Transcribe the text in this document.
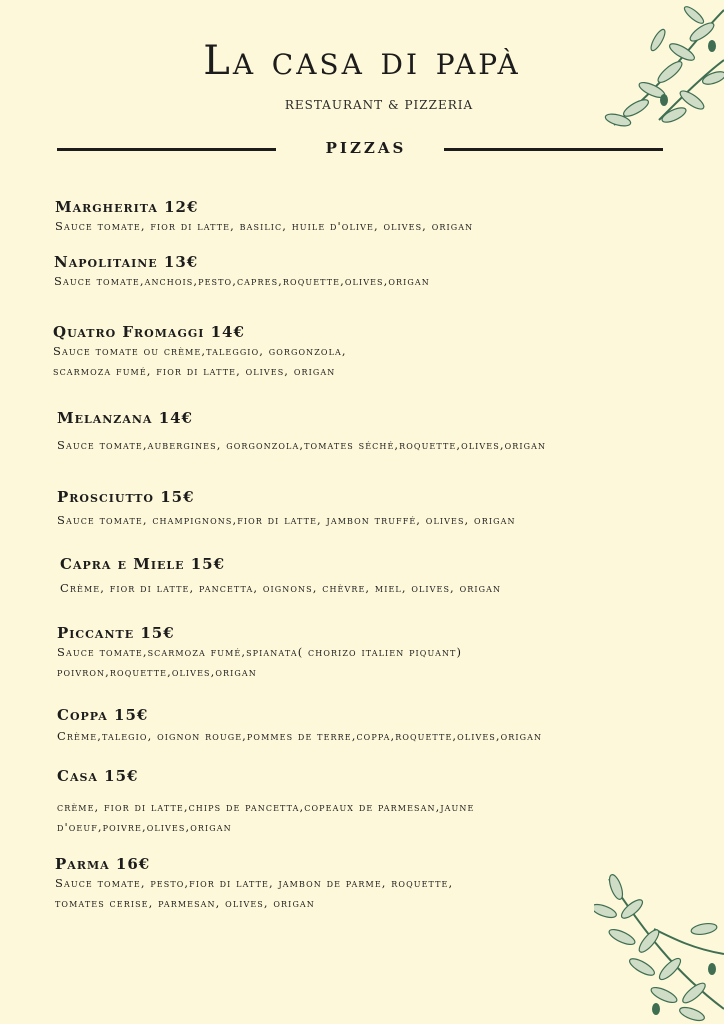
La casa di papà
RESTAURANT & PIZZERIA
PIZZAS
Margherita 12€
Sauce tomate, fior di latte, basilic, huile d'olive, olives, origan
Napolitaine 13€
Sauce tomate,anchois,pesto,capres,roquette,olives,origan
Quatro Fromaggi 14€
Sauce tomate ou crème,taleggio, gorgonzola,
scarmoza fumé, fior di latte, olives, origan
Melanzana 14€
Sauce tomate,aubergines, gorgonzola,tomates séché,roquette,olives,origan
Prosciutto 15€
Sauce tomate, champignons,fior di latte, jambon truffé, olives, origan
Capra e Miele 15€
Crème, fior di latte, pancetta, oignons, chèvre, miel, olives, origan
Piccante 15€
Sauce tomate,scarmoza fumé,spianata( chorizo italien piquant)
poivron,roquette,olives,origan
Coppa 15€
Crème,talegio, oignon rouge,pommes de terre,coppa,roquette,olives,origan
Casa 15€
crème, fior di latte,chips de pancetta,copeaux de parmesan,jaune
d'oeuf,poivre,olives,origan
Parma 16€
Sauce tomate, pesto,fior di latte, jambon de parme, roquette,
tomates cerise, parmesan, olives, origan
